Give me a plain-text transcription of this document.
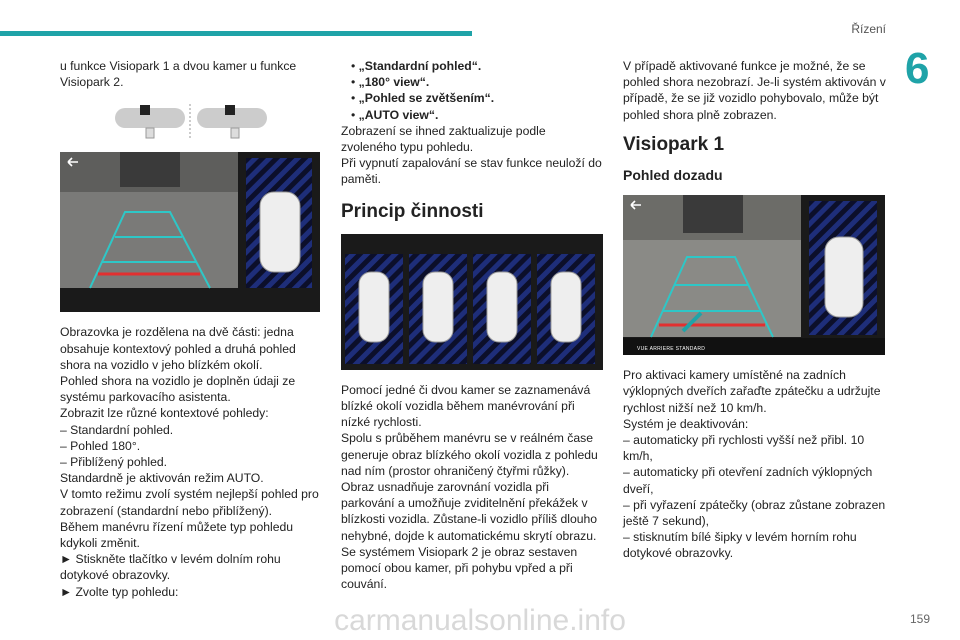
Řízení
6

u funkce Visiopark 1 a dvou kamer u funkce Visiopark 2.

Obrazovka je rozdělena na dvě části: jedna obsahuje kontextový pohled a druhá pohled shora na vozidlo v jeho blízkém okolí.

Pohled shora na vozidlo je doplněn údaji ze systému parkovacího asistenta.

Zobrazit lze různé kontextové pohledy:

– Standardní pohled.

– Pohled 180°.

– Přiblížený pohled.

Standardně je aktivován režim AUTO.

V tomto režimu zvolí systém nejlepší pohled pro zobrazení (standardní nebo přiblížený).

Během manévru řízení můžete typ pohledu kdykoli změnit.

► Stiskněte tlačítko v levém dolním rohu dotykové obrazovky.

► Zvolte typ pohledu:

• „Standardní pohled“.

• „180° view“.

• „Pohled se zvětšením“.

• „AUTO view“.

Zobrazení se ihned zaktualizuje podle zvoleného typu pohledu.

Při vypnutí zapalování se stav funkce neuloží do paměti.

Princip činnosti

Pomocí jedné či dvou kamer se zaznamenává blízké okolí vozidla během manévrování při nízké rychlosti.

Spolu s průběhem manévru se v reálném čase generuje obraz blízkého okolí vozidla z pohledu nad ním (prostor ohraničený čtyřmi růžky).

Obraz usnadňuje zarovnání vozidla při parkování a umožňuje zviditelnění překážek v blízkosti vozidla. Zůstane-li vozidlo příliš dlouho nehybné, dojde k automatickému skrytí obrazu.

Se systémem Visiopark 2 je obraz sestaven pomocí obou kamer, při pohybu vpřed a při couvání.

V případě aktivované funkce je možné, že se pohled shora nezobrazí. Je-li systém aktivován v případě, že se již vozidlo pohybovalo, může být pohled shora plně zobrazen.

Visiopark 1
Pohled dozadu
VUE ARRIERE STANDARD

Pro aktivaci kamery umístěné na zadních výklopných dveřích zařaďte zpátečku a udržujte rychlost nižší než 10 km/h.

Systém je deaktivován:

– automaticky při rychlosti vyšší než přibl. 10 km/h,

– automaticky při otevření zadních výklopných dveří,

– při vyřazení zpátečky (obraz zůstane zobrazen ještě 7 sekund),

– stisknutím bílé šipky v levém horním rohu dotykové obrazovky.

159
carmanualsonline.info
